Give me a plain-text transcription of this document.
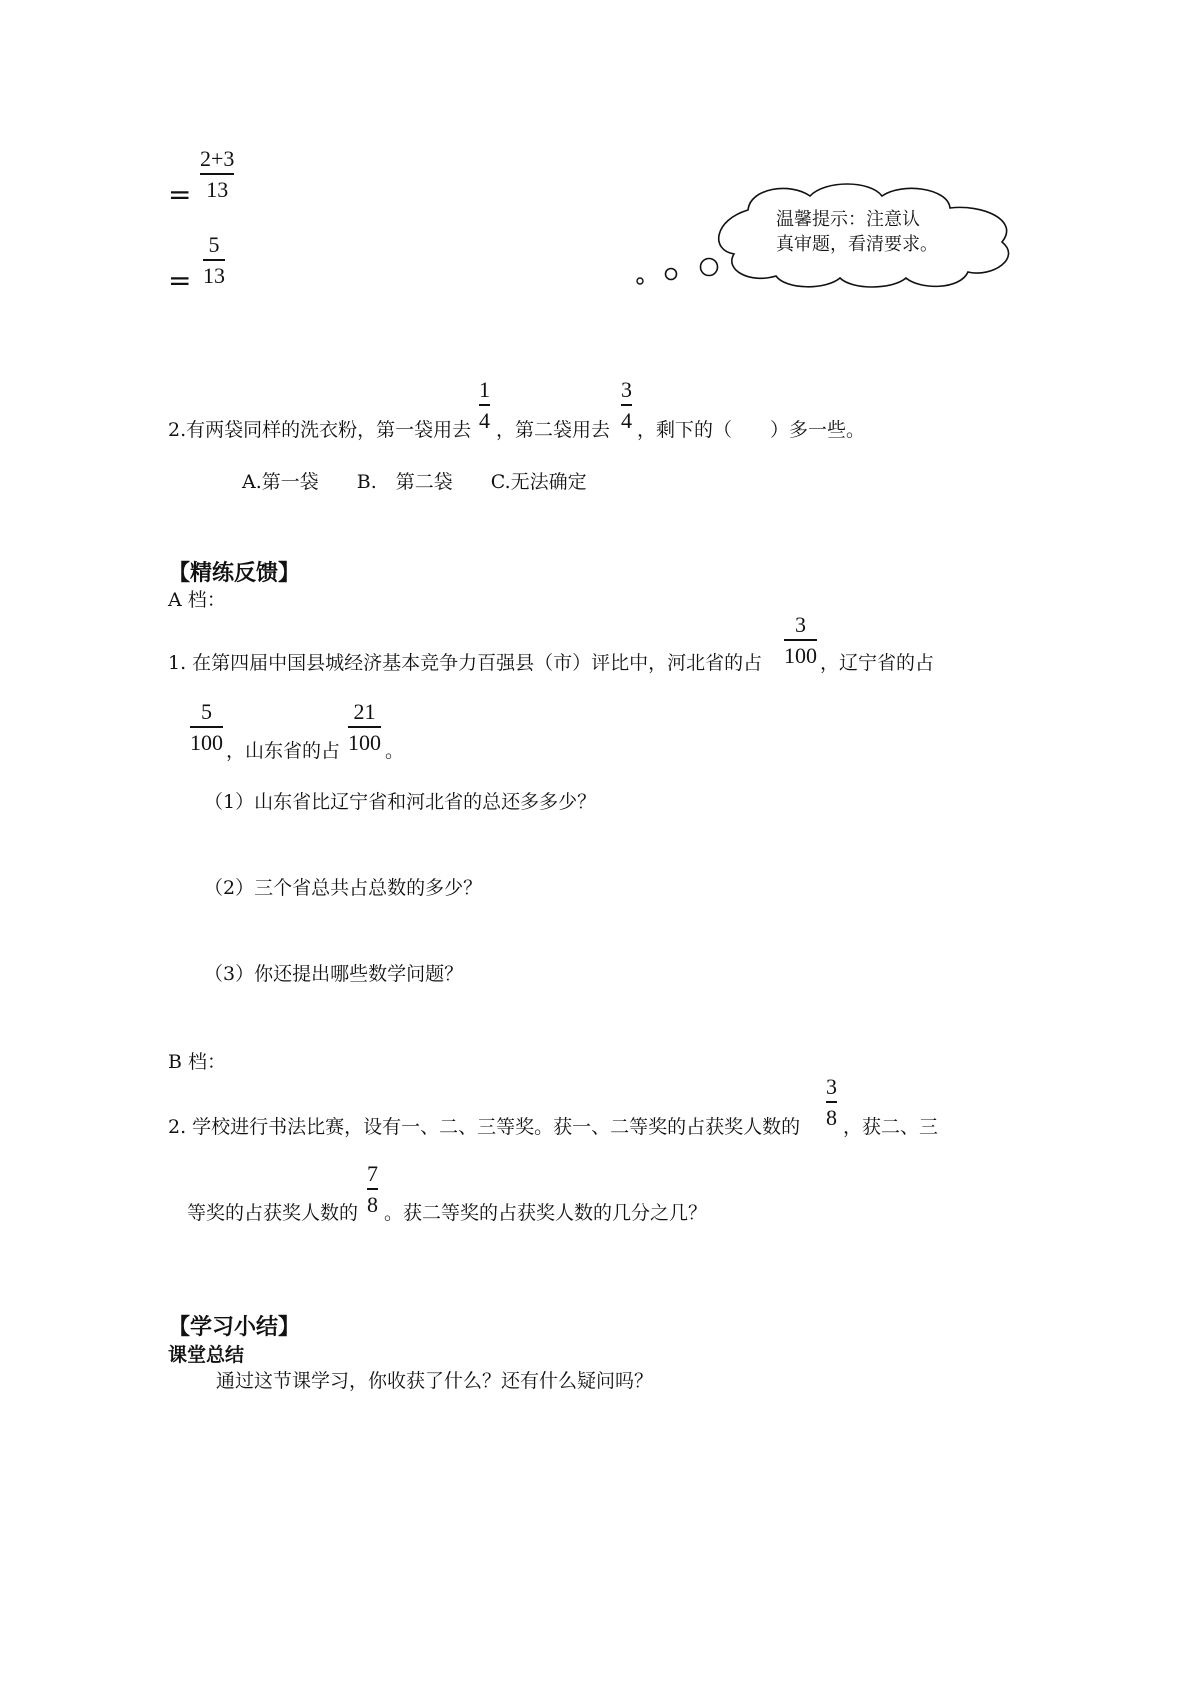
=
2+3
13
=
5
13
温馨提示：注意认
真审题，看清要求。
2.有两袋同样的洗衣粉，第一袋用去
1
4 ，第二袋用去
3
4 ，剩下的（　　）多一些。
A.第一袋　　B.　第二袋　　C.无法确定
【精练反馈】
A 档：
1. 在第四届中国县城经济基本竞争力百强县（市）评比中，河北省的占
3
100 ，辽宁省的占
5
100 ，山东省的占
21
100 。
（1）山东省比辽宁省和河北省的总还多多少？
（2）三个省总共占总数的多少？
（3）你还提出哪些数学问题？
B 档：
2. 学校进行书法比赛，设有一、二、三等奖。获一、二等奖的占获奖人数的
3
8 ，获二、三
等奖的占获奖人数的
7
8 。获二等奖的占获奖人数的几分之几？
【学习小结】
课堂总结
通过这节课学习，你收获了什么？还有什么疑问吗？
